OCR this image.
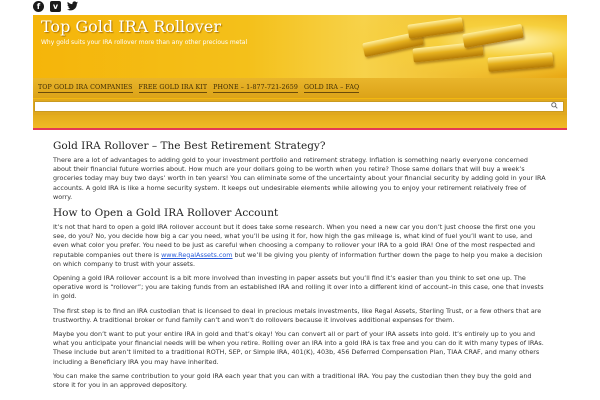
f	v
Top Gold IRA Rollover
Why gold suits your IRA rollover more than any other precious metal
TOP GOLD IRA COMPANIES FREE GOLD IRA KIT PHONE – 1-877-721-2659 GOLD IRA – FAQ
Gold IRA Rollover – The Best Retirement Strategy?

There are a lot of advantages to adding gold to your investment portfolio and retirement strategy. Inflation is something nearly everyone concerned about their financial future worries about. How much are your dollars going to be worth when you retire? Those same dollars that will buy a week’s groceries today may buy two days’ worth in ten years! You can eliminate some of the uncertainty about your financial security by adding gold in your IRA accounts. A gold IRA is like a home security system. It keeps out undesirable elements while allowing you to enjoy your retirement relatively free of worry.

How to Open a Gold IRA Rollover Account

It’s not that hard to open a gold IRA rollover account but it does take some research. When you need a new car you don’t just choose the first one you see, do you? No, you decide how big a car you need, what you’ll be using it for, how high the gas mileage is, what kind of fuel you’ll want to use, and even what color you prefer. You need to be just as careful when choosing a company to rollover your IRA to a gold IRA! One of the most respected and reputable companies out there is www.RegalAssets.com but we’ll be giving you plenty of information further down the page to help you make a decision on which company to trust with your assets.

Opening a gold IRA rollover account is a bit more involved than investing in paper assets but you’ll find it’s easier than you think to set one up. The operative word is “rollover”; you are taking funds from an established IRA and rolling it over into a different kind of account–in this case, one that invests in gold.

The first step is to find an IRA custodian that is licensed to deal in precious metals investments, like Regal Assets, Sterling Trust, or a few others that are trustworthy. A traditional broker or fund family can’t and won’t do rollovers because it involves additional expenses for them.

Maybe you don’t want to put your entire IRA in gold and that’s okay! You can convert all or part of your IRA assets into gold. It’s entirely up to you and what you anticipate your financial needs will be when you retire. Rolling over an IRA into a gold IRA is tax free and you can do it with many types of IRAs. These include but aren’t limited to a traditional ROTH, SEP, or Simple IRA, 401(K), 403b, 456 Deferred Compensation Plan, TIAA CRAF, and many others including a Beneficiary IRA you may have inherited.

You can make the same contribution to your gold IRA each year that you can with a traditional IRA. You pay the custodian then they buy the gold and store it for you in an approved depository.
